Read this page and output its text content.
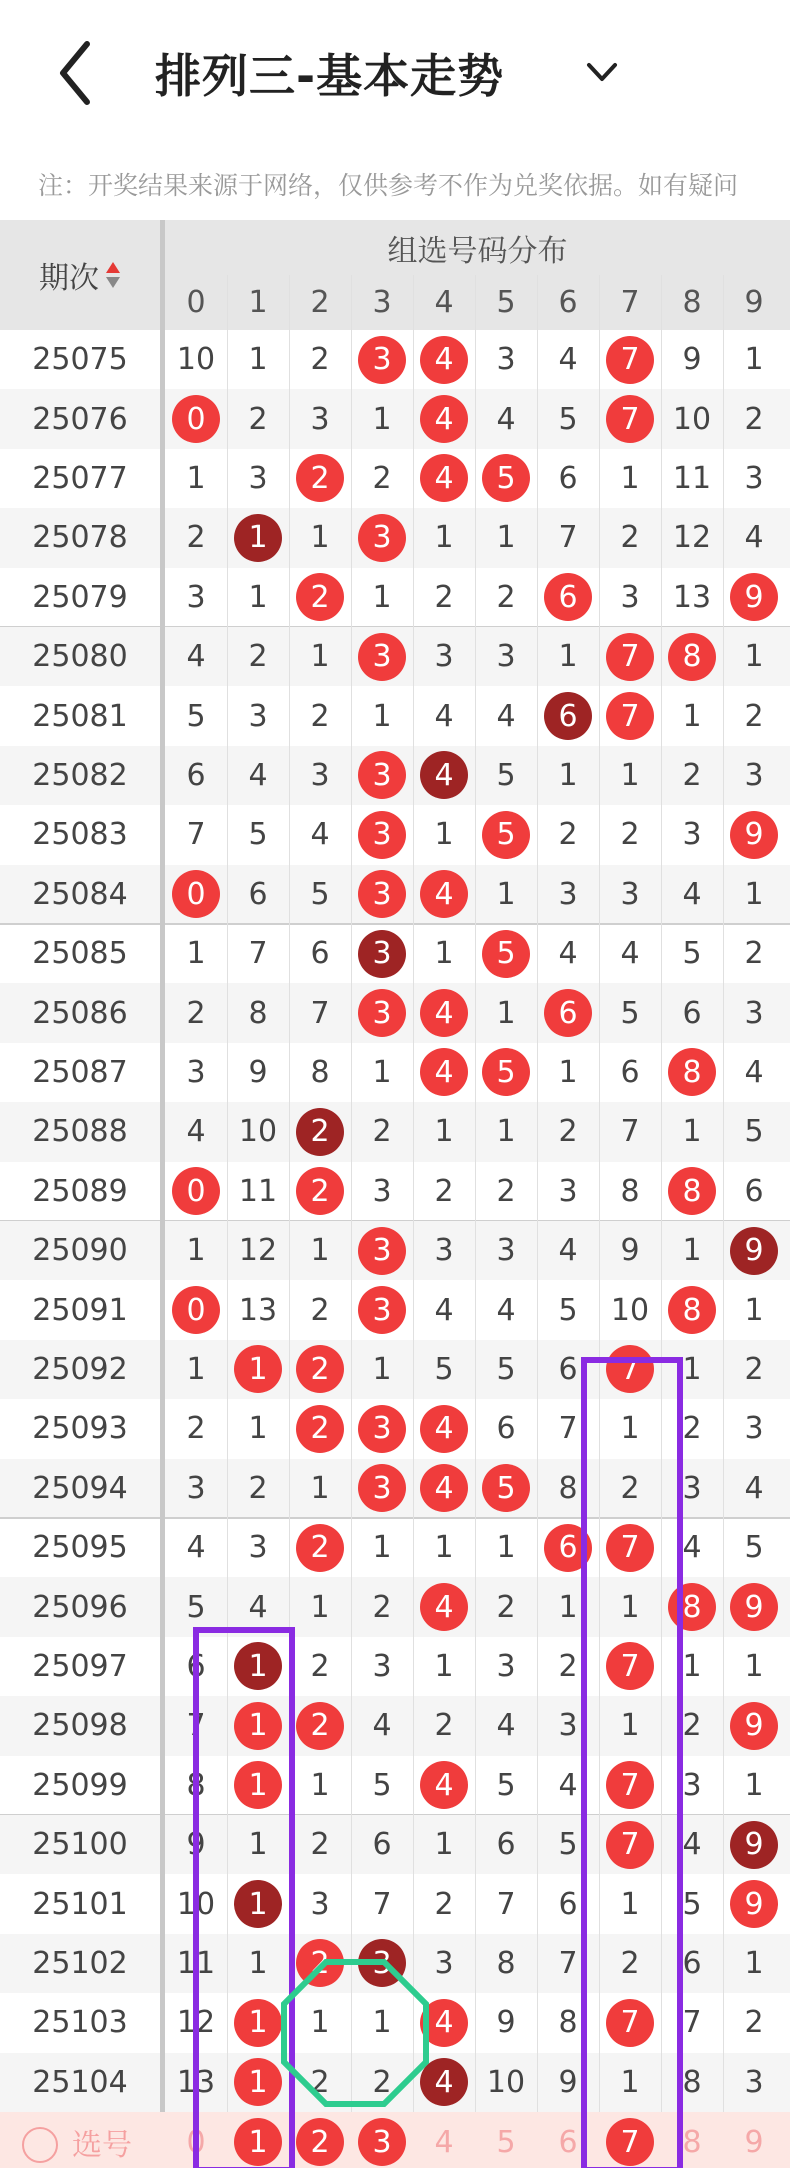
排列三-基本走势
注：开奖结果来源于网络，仅供参考不作为兑奖依据。如有疑问
期次
组选号码分布
0	1	2	3	4	5	6	7	8	9
25075	10	1	2	3	4	3	4	7	9	1
25076	0	2	3	1	4	4	5	7	10	2
25077	1	3	2	2	4	5	6	1	11	3
25078	2	1	1	3	1	1	7	2	12	4
25079	3	1	2	1	2	2	6	3	13	9
25080	4	2	1	3	3	3	1	7	8	1
25081	5	3	2	1	4	4	6	7	1	2
25082	6	4	3	3	4	5	1	1	2	3
25083	7	5	4	3	1	5	2	2	3	9
25084	0	6	5	3	4	1	3	3	4	1
25085	1	7	6	3	1	5	4	4	5	2
25086	2	8	7	3	4	1	6	5	6	3
25087	3	9	8	1	4	5	1	6	8	4
25088	4	10	2	2	1	1	2	7	1	5
25089	0	11	2	3	2	2	3	8	8	6
25090	1	12	1	3	3	3	4	9	1	9
25091	0	13	2	3	4	4	5	10	8	1
25092	1	1	2	1	5	5	6	7	1	2
25093	2	1	2	3	4	6	7	1	2	3
25094	3	2	1	3	4	5	8	2	3	4
25095	4	3	2	1	1	1	6	7	4	5
25096	5	4	1	2	4	2	1	1	8	9
25097	6	1	2	3	1	3	2	7	1	1
25098	7	1	2	4	2	4	3	1	2	9
25099	8	1	1	5	4	5	4	7	3	1
25100	9	1	2	6	1	6	5	7	4	9
25101	10	1	3	7	2	7	6	1	5	9
25102	11	1	2	3	3	8	7	2	6	1
25103	12	1	1	1	4	9	8	7	7	2
25104	13	1	2	2	4	10	9	1	8	3
选号	0	1	2	3	4	5	6	7	8	9
